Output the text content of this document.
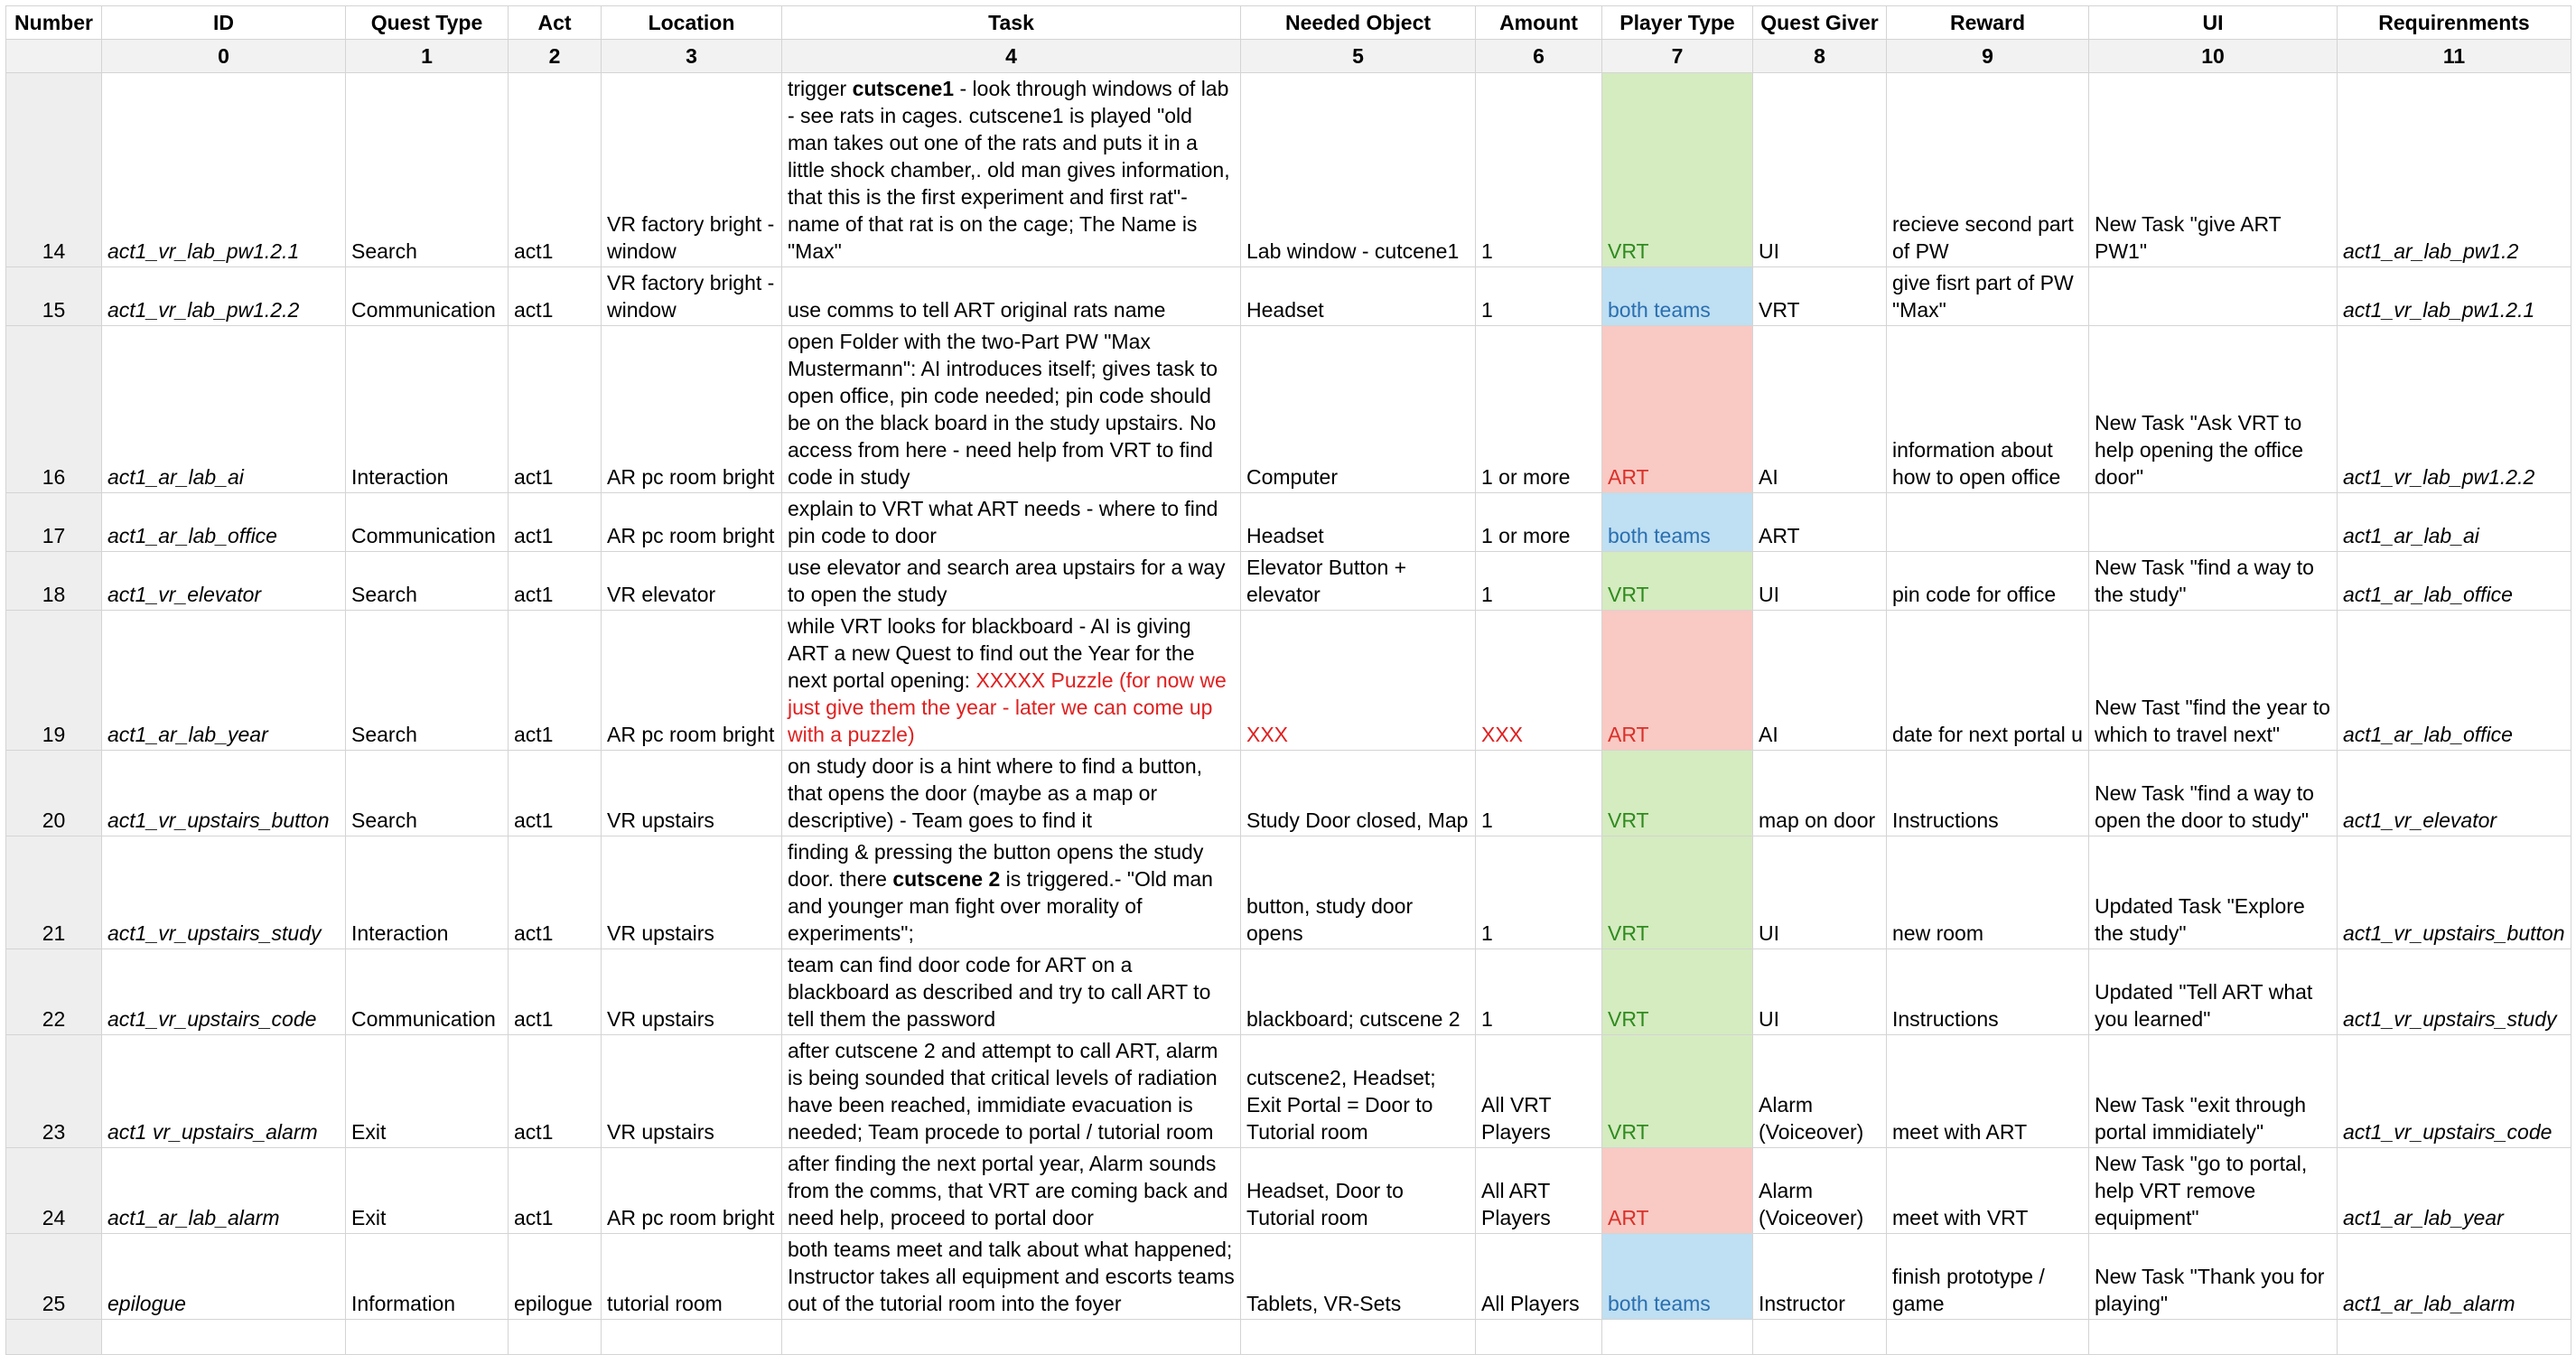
Number	ID	Quest Type	Act	Location	Task	Needed Object	Amount	Player Type	Quest Giver	Reward	UI	Requirenments
	0	1	2	3	4	5	6	7	8	9	10	11
14	act1_vr_lab_pw1.2.1	Search	act1	VR factory bright - window	trigger cutscene1 - look through windows of lab - see rats in cages. cutscene1 is played "old man takes out one of the rats and puts it in a little shock chamber,. old man gives information, that this is the first experiment and first rat"- name of that rat is on the cage; The Name is "Max"	Lab window - cutcene1	1	VRT	UI	recieve second part of PW	New Task "give ART PW1"	act1_ar_lab_pw1.2
15	act1_vr_lab_pw1.2.2	Communication	act1	VR factory bright - window	use comms to tell ART original rats name	Headset	1	both teams	VRT	give fisrt part of PW "Max"		act1_vr_lab_pw1.2.1
16	act1_ar_lab_ai	Interaction	act1	AR pc room bright	open Folder with the two-Part PW "Max Mustermann": AI introduces itself; gives task to open office, pin code needed; pin code should be on the black board in the study upstairs. No access from here - need help from VRT to find code in study	Computer	1 or more	ART	AI	information about how to open office	New Task "Ask VRT to help opening the office door"	act1_vr_lab_pw1.2.2
17	act1_ar_lab_office	Communication	act1	AR pc room bright	explain to VRT what ART needs - where to find pin code to door	Headset	1 or more	both teams	ART			act1_ar_lab_ai
18	act1_vr_elevator	Search	act1	VR elevator	use elevator and search area upstairs for a way to open the study	Elevator Button + elevator	1	VRT	UI	pin code for office	New Task "find a way to the study"	act1_ar_lab_office
19	act1_ar_lab_year	Search	act1	AR pc room bright	while VRT looks for blackboard - AI is giving ART a new Quest to find out the Year for the next portal opening: XXXXX Puzzle (for now we just give them the year - later we can come up with a puzzle)	XXX	XXX	ART	AI	date for next portal u	New Tast "find the year to which to travel next"	act1_ar_lab_office
20	act1_vr_upstairs_button	Search	act1	VR upstairs	on study door is a hint where to find a button, that opens the door (maybe as a map or descriptive) - Team goes to find it	Study Door closed, Map	1	VRT	map on door	Instructions	New Task "find a way to open the door to study"	act1_vr_elevator
21	act1_vr_upstairs_study	Interaction	act1	VR upstairs	finding & pressing the button opens the study door. there cutscene 2 is triggered.- "Old man and younger man fight over morality of experiments";	button, study door opens	1	VRT	UI	new room	Updated Task "Explore the study"	act1_vr_upstairs_button
22	act1_vr_upstairs_code	Communication	act1	VR upstairs	team can find door code for ART on a blackboard as described and try to call ART to tell them the password	blackboard; cutscene 2	1	VRT	UI	Instructions	Updated "Tell ART what you learned"	act1_vr_upstairs_study
23	act1 vr_upstairs_alarm	Exit	act1	VR upstairs	after cutscene 2 and attempt to call ART, alarm is being sounded that critical levels of radiation have been reached, immidiate evacuation is needed; Team procede to portal / tutorial room	cutscene2, Headset; Exit Portal = Door to Tutorial room	All VRT Players	VRT	Alarm (Voiceover)	meet with ART	New Task "exit through portal immidiately"	act1_vr_upstairs_code
24	act1_ar_lab_alarm	Exit	act1	AR pc room bright	after finding the next portal year, Alarm sounds from the comms, that VRT are coming back and need help, proceed to portal door	Headset, Door to Tutorial room	All ART Players	ART	Alarm (Voiceover)	meet with VRT	New Task "go to portal, help VRT remove equipment"	act1_ar_lab_year
25	epilogue	Information	epilogue	tutorial room	both teams meet and talk about what happened; Instructor takes all equipment and escorts teams out of the tutorial room into the foyer	Tablets, VR-Sets	All Players	both teams	Instructor	finish prototype / game	New Task "Thank you for playing"	act1_ar_lab_alarm
